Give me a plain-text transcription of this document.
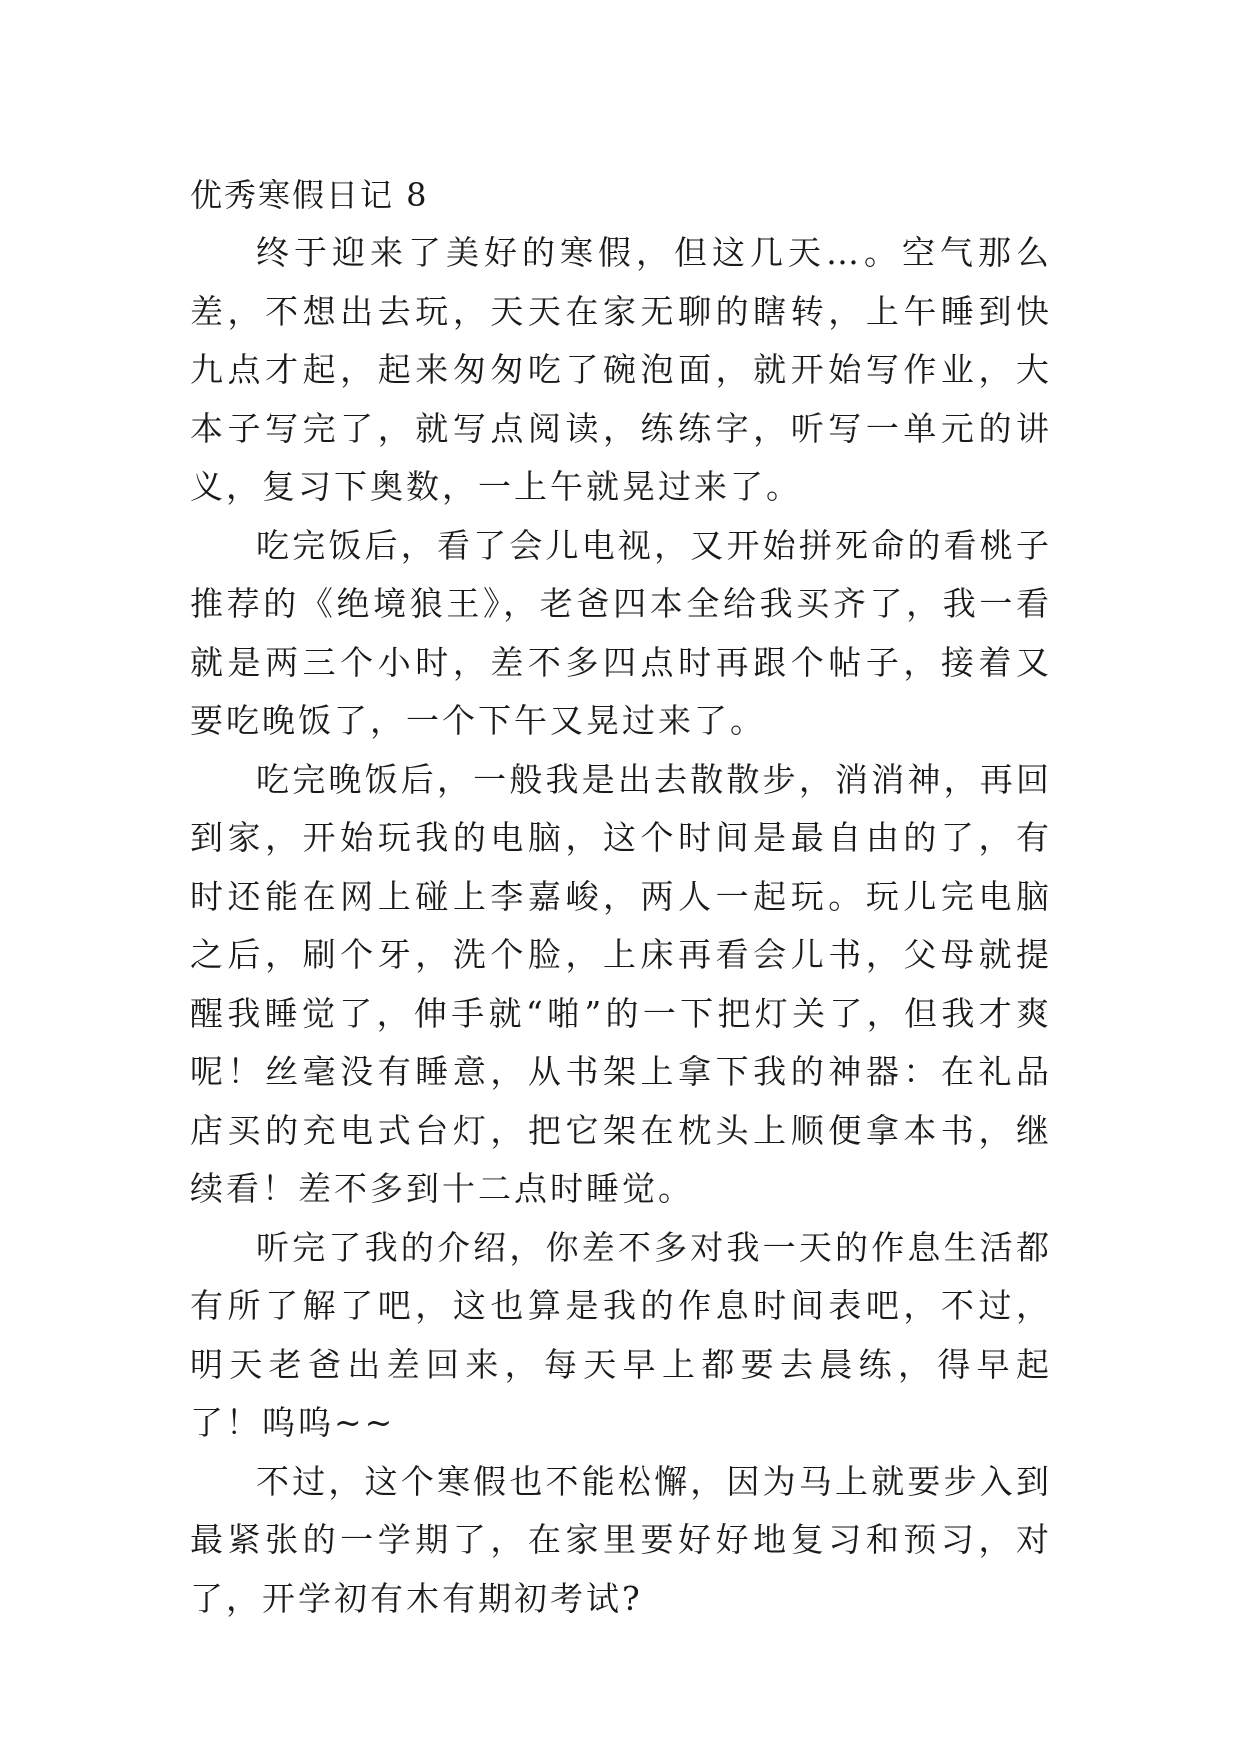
优秀寒假日记 8

终于迎来了美好的寒假，但这几天…。空气那么差，不想出去玩，天天在家无聊的瞎转，上午睡到快九点才起，起来匆匆吃了碗泡面，就开始写作业，大本子写完了，就写点阅读，练练字，听写一单元的讲义，复习下奥数，一上午就晃过来了。

吃完饭后，看了会儿电视，又开始拼死命的看桃子推荐的《绝境狼王》，老爸四本全给我买齐了，我一看就是两三个小时，差不多四点时再跟个帖子，接着又要吃晚饭了，一个下午又晃过来了。

吃完晚饭后，一般我是出去散散步，消消神，再回到家，开始玩我的电脑，这个时间是最自由的了，有时还能在网上碰上李嘉峻，两人一起玩。玩儿完电脑之后，刷个牙，洗个脸，上床再看会儿书，父母就提醒我睡觉了，伸手就“啪”的一下把灯关了，但我才爽呢！丝毫没有睡意，从书架上拿下我的神器：在礼品店买的充电式台灯，把它架在枕头上顺便拿本书，继续看！差不多到十二点时睡觉。

听完了我的介绍，你差不多对我一天的作息生活都有所了解了吧，这也算是我的作息时间表吧，不过，明天老爸出差回来，每天早上都要去晨练，得早起了！呜呜~~

不过，这个寒假也不能松懈，因为马上就要步入到最紧张的一学期了，在家里要好好地复习和预习，对了，开学初有木有期初考试?
